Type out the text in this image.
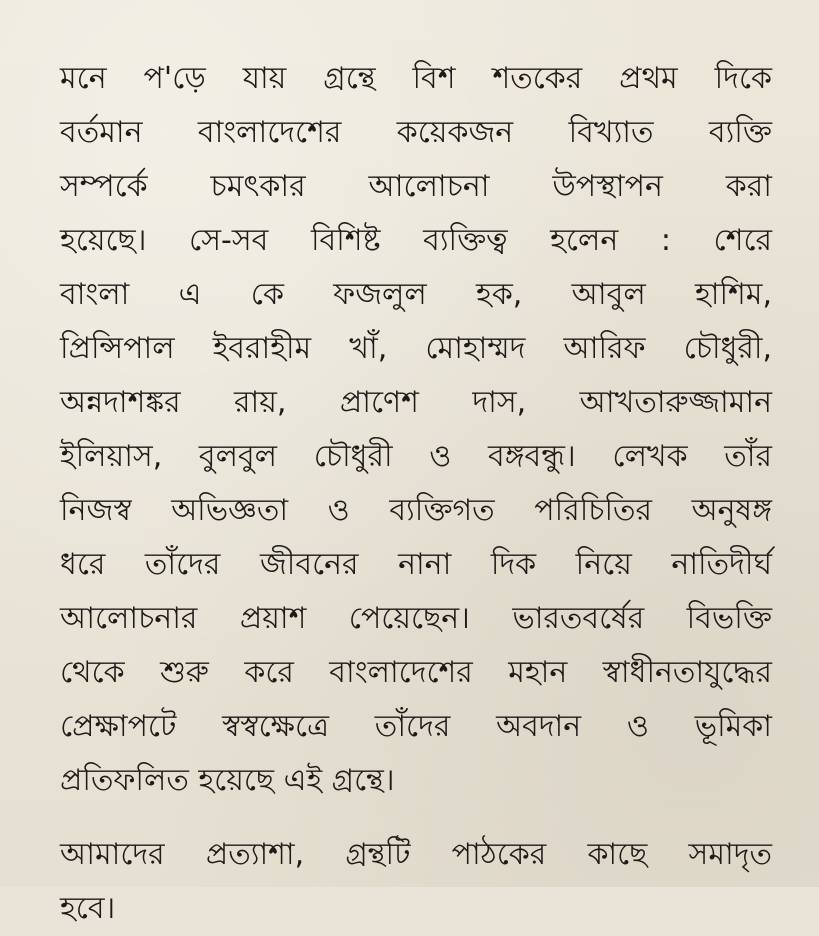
মনে প'ড়ে যায় গ্রন্থে বিশ শতকের প্রথম দিকে
বর্তমান বাংলাদেশের কয়েকজন বিখ্যাত ব্যক্তি
সম্পর্কে চমৎকার আলোচনা উপস্থাপন করা
হয়েছে। সে-সব বিশিষ্ট ব্যক্তিত্ব হলেন : শেরে
বাংলা এ কে ফজলুল হক, আবুল হাশিম,
প্রিন্সিপাল ইবরাহীম খাঁ, মোহাম্মদ আরিফ চৌধুরী,
অন্নদাশঙ্কর রায়, প্রাণেশ দাস, আখতারুজ্জামান
ইলিয়াস, বুলবুল চৌধুরী ও বঙ্গবন্ধু। লেখক তাঁর
নিজস্ব অভিজ্ঞতা ও ব্যক্তিগত পরিচিতির অনুষঙ্গ
ধরে তাঁদের জীবনের নানা দিক নিয়ে নাতিদীর্ঘ
আলোচনার প্রয়াশ পেয়েছেন। ভারতবর্ষের বিভক্তি
থেকে শুরু করে বাংলাদেশের মহান স্বাধীনতাযুদ্ধের
প্রেক্ষাপটে স্বস্বক্ষেত্রে তাঁদের অবদান ও ভূমিকা
প্রতিফলিত হয়েছে এই গ্রন্থে।
আমাদের প্রত্যাশা, গ্রন্থটি পাঠকের কাছে সমাদৃত
হবে।
